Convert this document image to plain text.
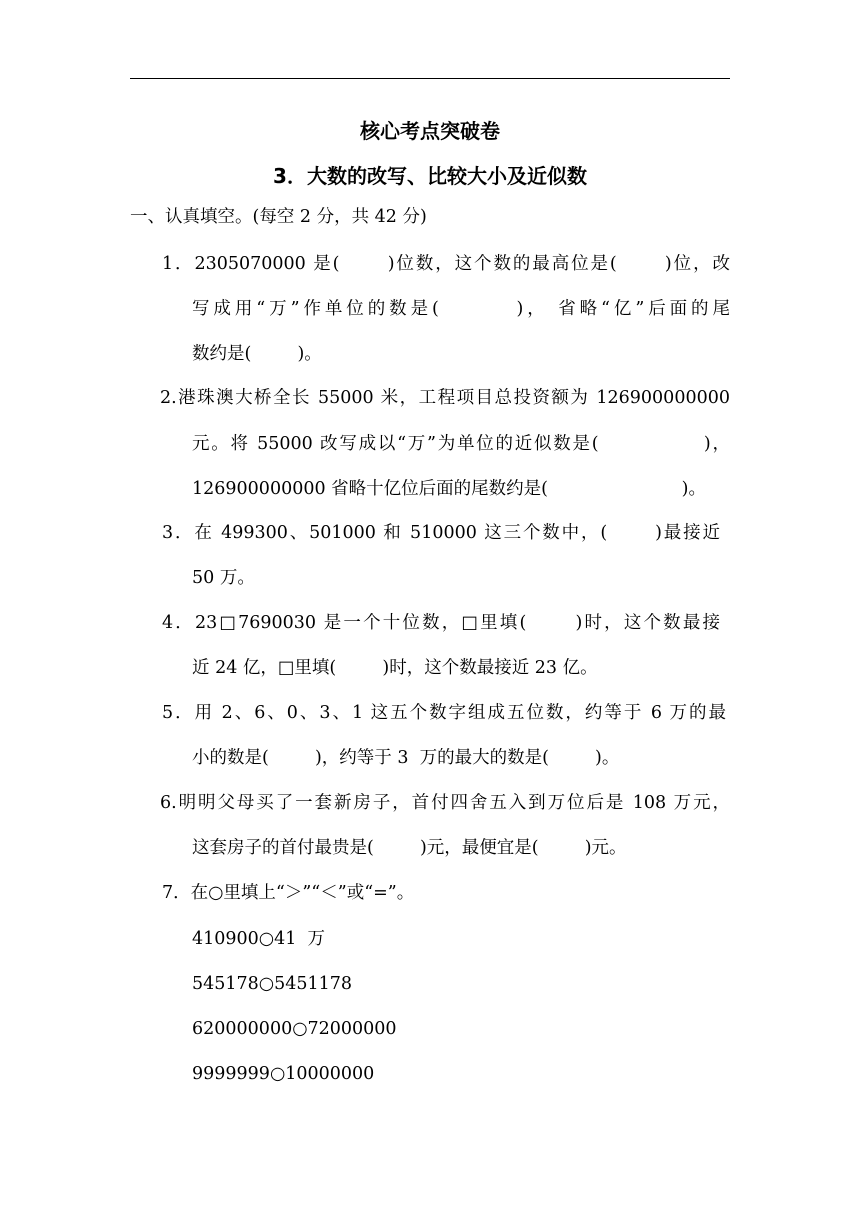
核心考点突破卷
3．大数的改写、比较大小及近似数
一、认真填空。(每空 2 分，共 42 分)
1．2305070000 是(　　 )位数，这个数的最高位是(　　 )位，改
写成用“万”作单位的数是(　　　 )， 省略“亿”后面的尾
数约是(　　  )。
2.港珠澳大桥全长 55000 米，工程项目总投资额为 126900000000
元。将 55000 改写成以“万”为单位的近似数是(　　　　　 )，
126900000000 省略十亿位后面的尾数约是(　　　　　　　  )。
3．在 499300、501000 和 510000 这三个数中，(　　 )最接近
50 万。
4．23□7690030 是一个十位数，□里填(　　 )时，这个数最接
近 24 亿，□里填(　　  )时，这个数最接近 23 亿。
5．用 2、6、0、3、1 这五个数字组成五位数，约等于 6 万的最
小的数是(　　  )，约等于 3  万的最大的数是(　　  )。
6.明明父母买了一套新房子，首付四舍五入到万位后是 108 万元，
这套房子的首付最贵是(　　  )元，最便宜是(　　  )元。
7．在○里填上“＞”“＜”或“=”。
410900○41  万
545178○5451178
620000000○72000000
9999999○10000000
